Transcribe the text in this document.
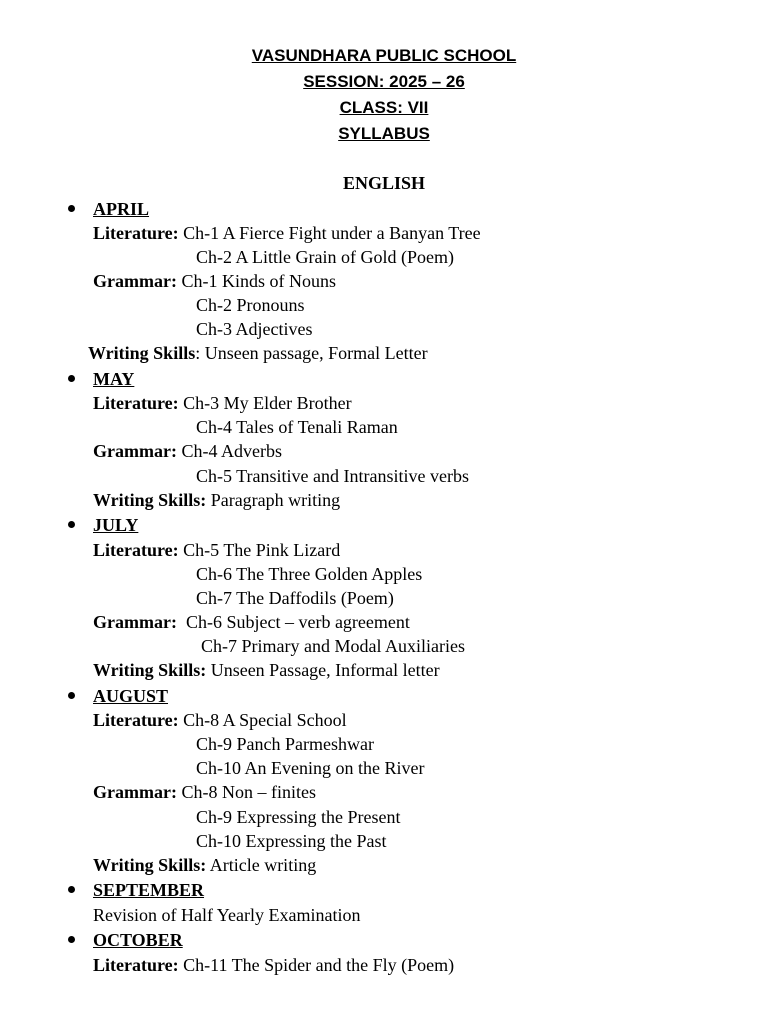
VASUNDHARA PUBLIC SCHOOL
SESSION: 2025 – 26
CLASS: VII
SYLLABUS
ENGLISH
APRIL
Literature: Ch-1 A Fierce Fight under a Banyan Tree
Ch-2 A Little Grain of Gold (Poem)
Grammar: Ch-1 Kinds of Nouns
Ch-2 Pronouns
Ch-3 Adjectives
Writing Skills: Unseen passage, Formal Letter
MAY
Literature: Ch-3 My Elder Brother
Ch-4 Tales of Tenali Raman
Grammar: Ch-4 Adverbs
Ch-5 Transitive and Intransitive verbs
Writing Skills: Paragraph writing
JULY
Literature: Ch-5 The Pink Lizard
Ch-6 The Three Golden Apples
Ch-7 The Daffodils (Poem)
Grammar: Ch-6 Subject – verb agreement
Ch-7 Primary and Modal Auxiliaries
Writing Skills: Unseen Passage, Informal letter
AUGUST
Literature: Ch-8 A Special School
Ch-9 Panch Parmeshwar
Ch-10 An Evening on the River
Grammar: Ch-8 Non – finites
Ch-9 Expressing the Present
Ch-10 Expressing the Past
Writing Skills: Article writing
SEPTEMBER
Revision of Half Yearly Examination
OCTOBER
Literature: Ch-11 The Spider and the Fly (Poem)
